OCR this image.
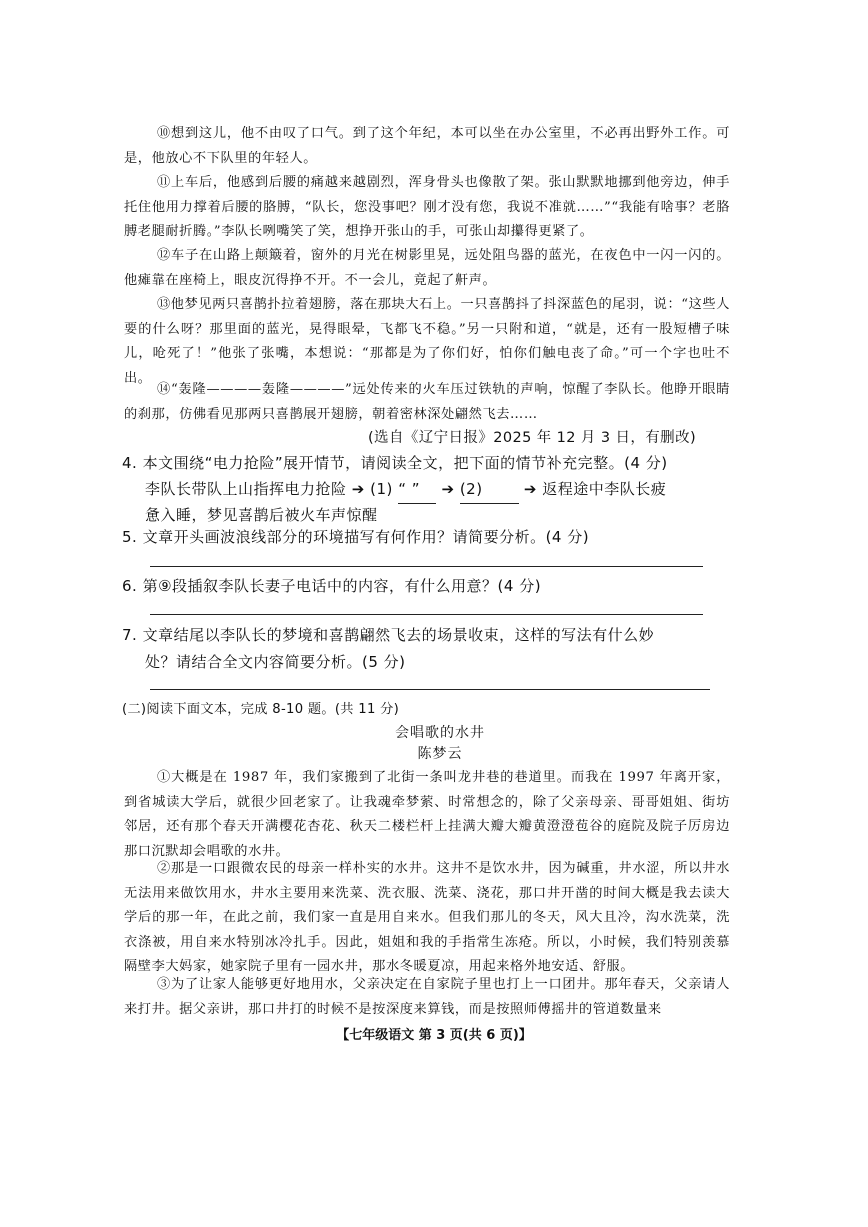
⑩想到这儿，他不由叹了口气。到了这个年纪，本可以坐在办公室里，不必再出野外工作。可是，他放心不下队里的年轻人。

⑪上车后，他感到后腰的痛越来越剧烈，浑身骨头也像散了架。张山默默地挪到他旁边，伸手托住他用力撑着后腰的胳膊，“队长，您没事吧？刚才没有您，我说不准就……”“我能有啥事？老胳膊老腿耐折腾。”李队长咧嘴笑了笑，想挣开张山的手，可张山却攥得更紧了。

⑫车子在山路上颠簸着，窗外的月光在树影里晃，远处阻鸟器的蓝光，在夜色中一闪一闪的。他瘫靠在座椅上，眼皮沉得挣不开。不一会儿，竟起了鼾声。

⑬他梦见两只喜鹊扑拉着翅膀，落在那块大石上。一只喜鹊抖了抖深蓝色的尾羽，说：“这些人要的什么呀？那里面的蓝光，晃得眼晕，飞都飞不稳。”另一只附和道，“就是，还有一股短槽子味儿，呛死了！”他张了张嘴，本想说：“那都是为了你们好，怕你们触电丧了命。”可一个字也吐不出。

⑭“轰隆————轰隆————”远处传来的火车压过铁轨的声响，惊醒了李队长。他睁开眼睛的刹那，仿佛看见那两只喜鹊展开翅膀，朝着密林深处翩然飞去……

(选自《辽宁日报》2025 年 12 月 3 日，有删改)
4. 本文围绕“电力抢险”展开情节，请阅读全文，把下面的情节补充完整。(4 分)
李队长带队上山指挥电力抢险 ➔ (1) “ ” ➔ (2)	➔ 返程途中李队长疲
惫入睡，梦见喜鹊后被火车声惊醒
5. 文章开头画波浪线部分的环境描写有何作用？请简要分析。(4 分)
6. 第⑨段插叙李队长妻子电话中的内容，有什么用意？(4 分)
7. 文章结尾以李队长的梦境和喜鹊翩然飞去的场景收束，这样的写法有什么妙
处？请结合全文内容简要分析。(5 分)
(二)阅读下面文本，完成 8-10 题。(共 11 分)
会唱歌的水井
陈梦云

①大概是在 1987 年，我们家搬到了北街一条叫龙井巷的巷道里。而我在 1997 年离开家，到省城读大学后，就很少回老家了。让我魂牵梦萦、时常想念的，除了父亲母亲、哥哥姐姐、街坊邻居，还有那个春天开满樱花杏花、秋天二楼栏杆上挂满大瓣大瓣黄澄澄苞谷的庭院及院子厉房边那口沉默却会唱歌的水井。

②那是一口跟微农民的母亲一样朴实的水井。这井不是饮水井，因为碱重，井水涩，所以井水无法用来做饮用水，井水主要用来洗菜、洗衣服、洗菜、浇花，那口井开凿的时间大概是我去读大学后的那一年，在此之前，我们家一直是用自来水。但我们那儿的冬天，风大且冷，沟水洗菜，洗衣涤被，用自来水特别冰冷扎手。因此，姐姐和我的手指常生冻疮。所以，小时候，我们特别羡慕隔壁李大妈家，她家院子里有一园水井，那水冬暖夏凉，用起来格外地安适、舒服。

③为了让家人能够更好地用水，父亲决定在自家院子里也打上一口团井。那年春天，父亲请人来打井。据父亲讲，那口井打的时候不是按深度来算钱，而是按照师傅摇井的管道数量来

【七年级语文 第 3 页(共 6 页)】
